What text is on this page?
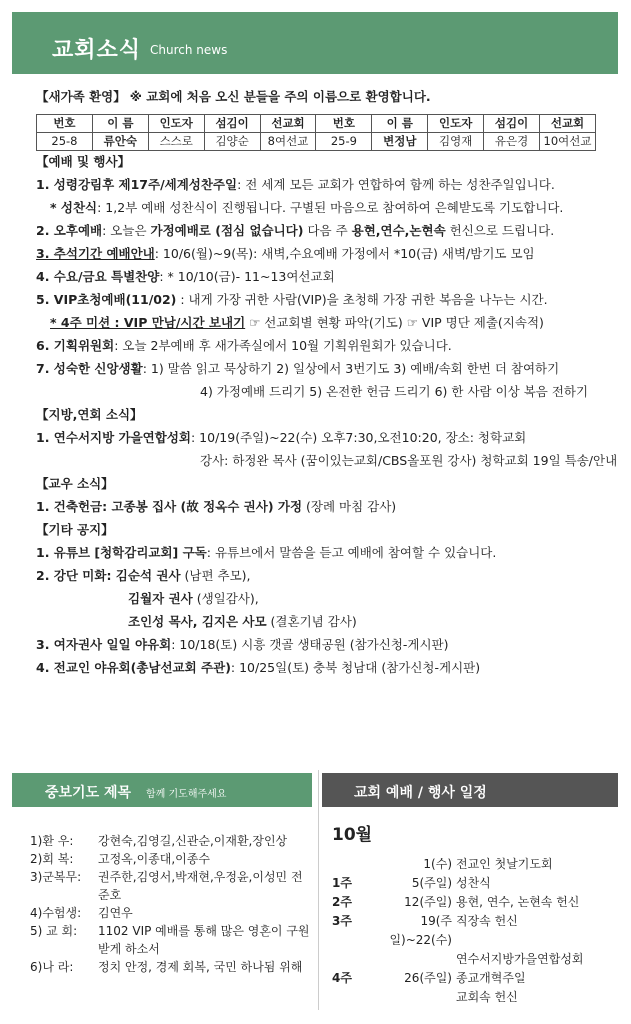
교회소식 Church news
【새가족 환영】 ※ 교회에 처음 오신 분들을 주의 이름으로 환영합니다.
번호	이 름	인도자	섬김이	선교회	번호	이 름	인도자	섬김이	선교회
25-8	류안숙	스스로	김양순	8여선교	25-9	변정남	김영재	유은경	10여선교
【예배 및 행사】
1. 성령강림후 제17주/세계성찬주일: 전 세계 모든 교회가 연합하여 함께 하는 성찬주일입니다.
* 성찬식: 1,2부 예배 성찬식이 진행됩니다. 구별된 마음으로 참여하여 은혜받도록 기도합니다.
2. 오후예배: 오늘은 가정예배로 (점심 없습니다) 다음 주 용현,연수,논현속 헌신으로 드립니다.
3. 추석기간 예배안내: 10/6(월)~9(목): 새벽,수요예배 가정에서 *10(금) 새벽/밤기도 모임
4. 수요/금요 특별찬양: * 10/10(금)- 11~13여선교회
5. VIP초청예배(11/02) : 내게 가장 귀한 사람(VIP)을 초청해 가장 귀한 복음을 나누는 시간.
* 4주 미션 : VIP 만남/시간 보내기 ☞ 선교회별 현황 파악(기도) ☞ VIP 명단 제출(지속적)
6. 기획위원회: 오늘 2부예배 후 새가족실에서 10월 기획위원회가 있습니다.
7. 성숙한 신앙생활: 1) 말씀 읽고 묵상하기 2) 일상에서 3번기도 3) 예배/속회 한번 더 참여하기
4) 가정예배 드리기 5) 온전한 헌금 드리기 6) 한 사람 이상 복음 전하기
【지방,연회 소식】
1. 연수서지방 가을연합성회: 10/19(주일)~22(수) 오후7:30,오전10:20, 장소: 청학교회
강사: 하정완 목사 (꿈이있는교회/CBS올포원 강사) 청학교회 19일 특송/안내
【교우 소식】
1. 건축헌금: 고종봉 집사 (故 정옥수 권사) 가정 (장례 마침 감사)
【기타 공지】
1. 유튜브 [청학감리교회] 구독: 유튜브에서 말씀을 듣고 예배에 참여할 수 있습니다.
2. 강단 미화: 김순석 권사 (남편 추모),
김월자 권사 (생일감사),
조인성 목사, 김지은 사모 (결혼기념 감사)
3. 여자권사 일일 야유회: 10/18(토) 시흥 갯골 생태공원 (참가신청-게시판)
4. 전교인 야유회(총남선교회 주관): 10/25일(토) 충북 청남대 (참가신청-게시판)
중보기도 제목 함께 기도해주세요
1)환 우:	강현숙,김영길,신관순,이재환,장인상
2)회 복:	고정옥,이종대,이종수
3)군복무:	권주한,김영서,박재현,우정윤,이성민 전준호
4)수험생:	김연우
5) 교 회:	1102 VIP 예배를 통해 많은 영혼이 구원받게 하소서
6)나 라:	정치 안정, 경제 회복, 국민 하나됨 위해
교회 예배 / 행사 일정
10월
1(수) 전교인 첫날기도회
1주	5(주일) 성찬식
2주	12(주일) 용현, 연수, 논현속 헌신
3주	19(주일)~22(수)
직장속 헌신
연수서지방가을연합성회
4주	26(주일) 종교개혁주일
교회속 헌신
